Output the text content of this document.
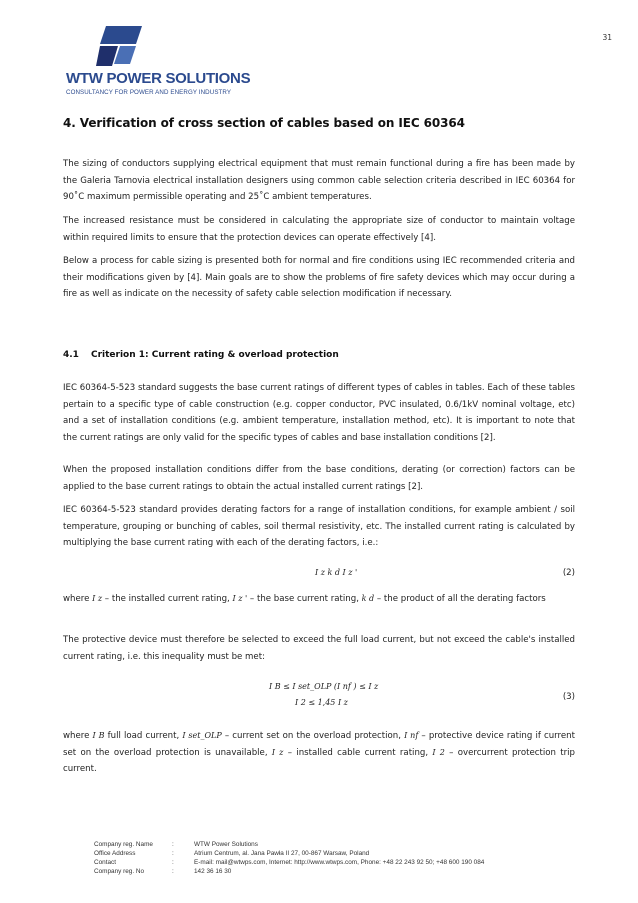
31
WTW POWER SOLUTIONS
CONSULTANCY FOR POWER AND ENERGY INDUSTRY
4. Verification of cross section of cables based on IEC 60364

The sizing of conductors supplying electrical equipment that must remain functional during a fire has been made by the Galeria Tarnovia electrical installation designers using common cable selection criteria described in IEC 60364 for 90˚C maximum permissible operating and 25˚C ambient temperatures.

The increased resistance must be considered in calculating the appropriate size of conductor to maintain voltage within required limits to ensure that the protection devices can operate effectively [4].

Below a process for cable sizing is presented both for normal and fire conditions using IEC recommended criteria and their modifications given by [4]. Main goals are to show the problems of fire safety devices which may occur during a fire as well as indicate on the necessity of safety cable selection modification if necessary.

4.1 Criterion 1: Current rating & overload protection

IEC 60364-5-523 standard suggests the base current ratings of different types of cables in tables. Each of these tables pertain to a specific type of cable construction (e.g. copper conductor, PVC insulated, 0.6/1kV nominal voltage, etc) and a set of installation conditions (e.g. ambient temperature, installation method, etc). It is important to note that the current ratings are only valid for the specific types of cables and base installation conditions [2].

When the proposed installation conditions differ from the base conditions, derating (or correction) factors can be applied to the base current ratings to obtain the actual installed current ratings [2].

IEC 60364-5-523 standard provides derating factors for a range of installation conditions, for example ambient / soil temperature, grouping or bunching of cables, soil thermal resistivity, etc. The installed current rating is calculated by multiplying the base current rating with each of the derating factors, i.e.:

I z k d I z '	(2)

where I z – the installed current rating, I z ' – the base current rating, k d – the product of all the derating factors

The protective device must therefore be selected to exceed the full load current, but not exceed the cable's installed current rating, i.e. this inequality must be met:

I B ≤ I set_OLP (I nf ) ≤ I z
I 2 ≤ 1,45 I z
(3)

where I B full load current, I set_OLP – current set on the overload protection, I nf – protective device rating if current set on the overload protection is unavailable, I z – installed cable current rating, I 2 – overcurrent protection trip current.

Company reg. Name	:	WTW Power Solutions
Office Address	:	Atrium Centrum, al. Jana Pawła II 27, 00-867 Warsaw, Poland
Contact	:	E-mail: mail@wtwps.com, Internet: http://www.wtwps.com, Phone: +48 22 243 92 50; +48 600 190 084
Company reg. No	:	142 36 16 30
